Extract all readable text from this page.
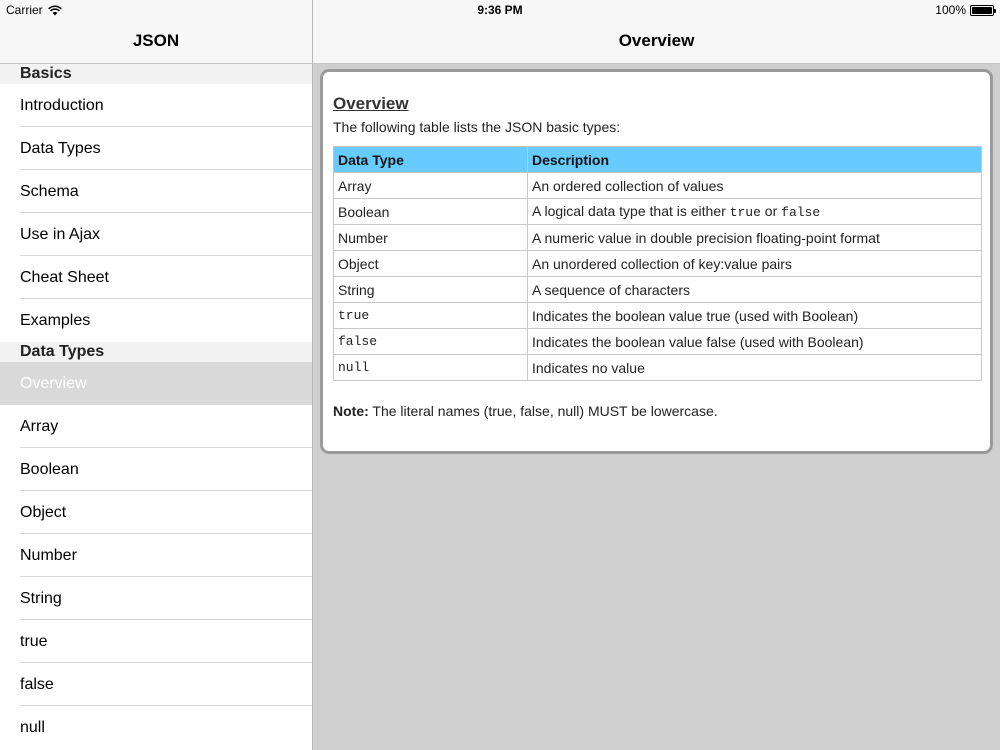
Carrier	9:36 PM	100%
JSON
Basics
Introduction
Data Types
Schema
Use in Ajax
Cheat Sheet
Examples
Data Types
Overview
Array
Boolean
Object
Number
String
true
false
null
Overview
Overview
The following table lists the JSON basic types:
Data Type	Description
Array	An ordered collection of values
Boolean	A logical data type that is either true or false
Number	A numeric value in double precision floating-point format
Object	An unordered collection of key:value pairs
String	A sequence of characters
true	Indicates the boolean value true (used with Boolean)
false	Indicates the boolean value false (used with Boolean)
null	Indicates no value
Note: The literal names (true, false, null) MUST be lowercase.
